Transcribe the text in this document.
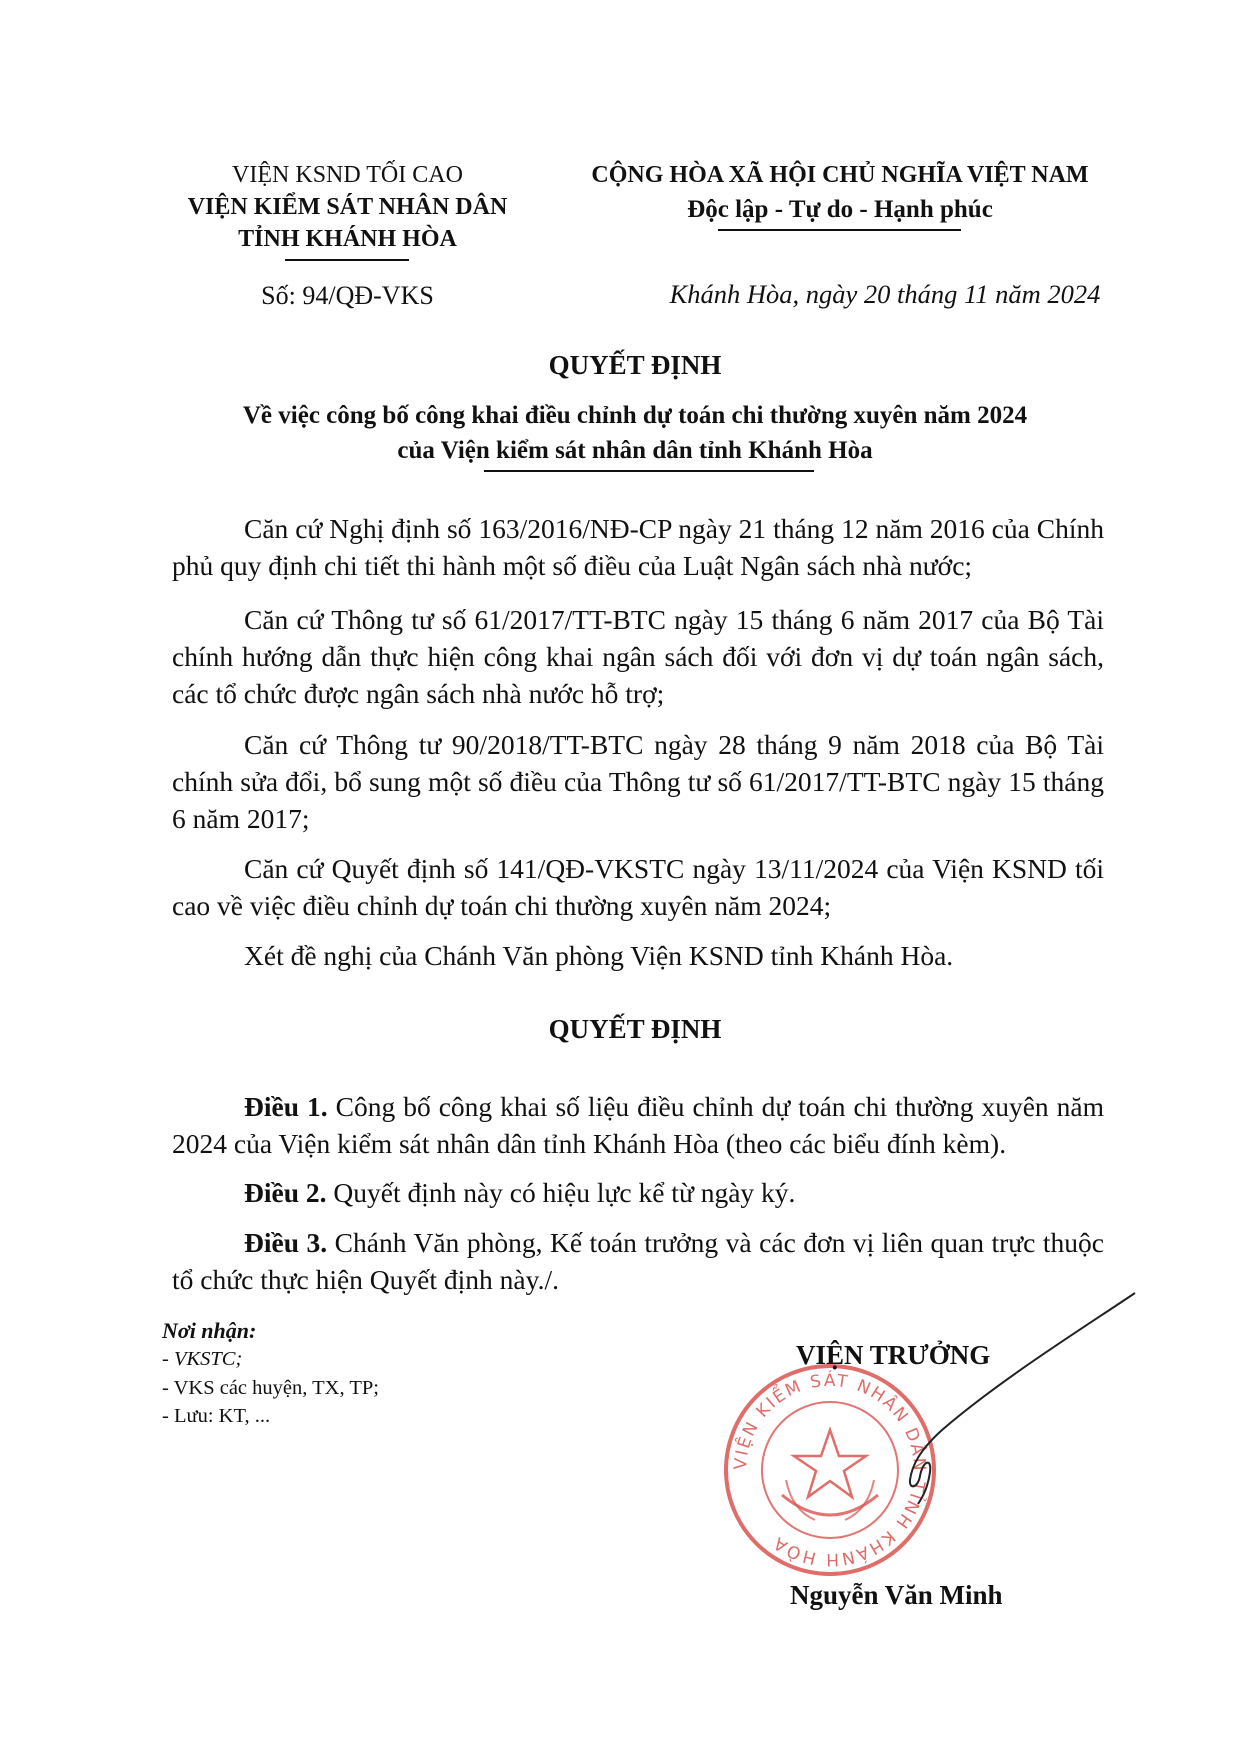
VIỆN KSND TỐI CAO
VIỆN KIỂM SÁT NHÂN DÂN
TỈNH KHÁNH HÒA
Số: 94/QĐ-VKS
CỘNG HÒA XÃ HỘI CHỦ NGHĨA VIỆT NAM
Độc lập - Tự do - Hạnh phúc
Khánh Hòa, ngày 20 tháng 11 năm 2024
QUYẾT ĐỊNH
Về việc công bố công khai điều chỉnh dự toán chi thường xuyên năm 2024
của Viện kiểm sát nhân dân tỉnh Khánh Hòa

Căn cứ Nghị định số 163/2016/NĐ-CP ngày 21 tháng 12 năm 2016 của Chính phủ quy định chi tiết thi hành một số điều của Luật Ngân sách nhà nước;

Căn cứ Thông tư số 61/2017/TT-BTC ngày 15 tháng 6 năm 2017 của Bộ Tài chính hướng dẫn thực hiện công khai ngân sách đối với đơn vị dự toán ngân sách, các tổ chức được ngân sách nhà nước hỗ trợ;

Căn cứ Thông tư 90/2018/TT-BTC ngày 28 tháng 9 năm 2018 của Bộ Tài chính sửa đổi, bổ sung một số điều của Thông tư số 61/2017/TT-BTC ngày 15 tháng 6 năm 2017;

Căn cứ Quyết định số 141/QĐ-VKSTC ngày 13/11/2024 của Viện KSND tối cao về việc điều chỉnh dự toán chi thường xuyên năm 2024;

Xét đề nghị của Chánh Văn phòng Viện KSND tỉnh Khánh Hòa.

QUYẾT ĐỊNH

Điều 1. Công bố công khai số liệu điều chỉnh dự toán chi thường xuyên năm 2024 của Viện kiểm sát nhân dân tỉnh Khánh Hòa (theo các biểu đính kèm).

Điều 2. Quyết định này có hiệu lực kể từ ngày ký.

Điều 3. Chánh Văn phòng, Kế toán trưởng và các đơn vị liên quan trực thuộc tổ chức thực hiện Quyết định này./.

Nơi nhận:
- VKSTC;
- VKS các huyện, TX, TP;
- Lưu: KT, ...
VIỆN KIỂM SÁT NHÂN DÂN TỈNH KHÁNH HÒA
VIỆN TRƯỞNG
Nguyễn Văn Minh
